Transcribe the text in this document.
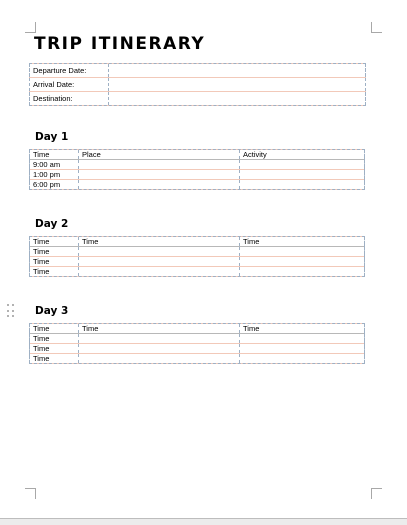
TRIP ITINERARY
Departure Date:	
Arrival Date:	
Destination:	
Day 1
Time	Place	Activity
9:00 am		
1:00 pm		
6:00 pm		
Day 2
Time	Time	Time
Time		
Time		
Time		
Day 3
Time	Time	Time
Time		
Time		
Time		
